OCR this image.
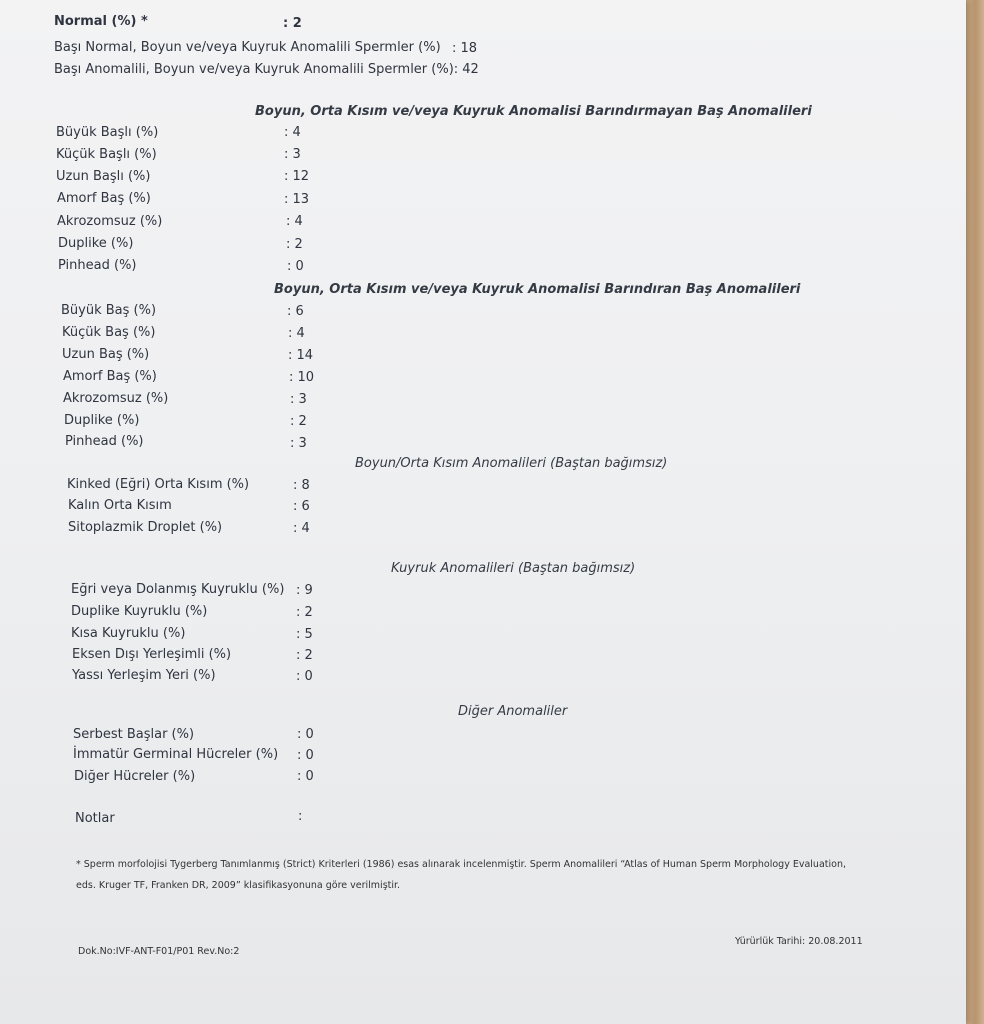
Normal (%) *	: 2
Başı Normal, Boyun ve/veya Kuyruk Anomalili Spermler (%) : 18
Başı Anomalili, Boyun ve/veya Kuyruk Anomalili Spermler (%): 42
Boyun, Orta Kısım ve/veya Kuyruk Anomalisi Barındırmayan Baş Anomalileri
Büyük Başlı (%)	: 4
Küçük Başlı (%)	: 3
Uzun Başlı (%)	: 12
Amorf Baş (%)	: 13
Akrozomsuz (%)	: 4
Duplike (%)	: 2
Pinhead (%)	: 0
Boyun, Orta Kısım ve/veya Kuyruk Anomalisi Barındıran Baş Anomalileri
Büyük Baş (%)	: 6
Küçük Baş (%)	: 4
Uzun Baş (%)	: 14
Amorf Baş (%)	: 10
Akrozomsuz (%)	: 3
Duplike (%)	: 2
Pinhead (%)	: 3
Boyun/Orta Kısım Anomalileri (Baştan bağımsız)
Kinked (Eğri) Orta Kısım (%)	: 8
Kalın Orta Kısım	: 6
Sitoplazmik Droplet (%)	: 4
Kuyruk Anomalileri (Baştan bağımsız)
Eğri veya Dolanmış Kuyruklu (%) : 9
Duplike Kuyruklu (%)	: 2
Kısa Kuyruklu (%)	: 5
Eksen Dışı Yerleşimli (%)	: 2
Yassı Yerleşim Yeri (%)	: 0
Diğer Anomaliler
Serbest Başlar (%)	: 0
İmmatür Germinal Hücreler (%) : 0
Diğer Hücreler (%)	: 0
Notlar	:
* Sperm morfolojisi Tygerberg Tanımlanmış (Strict) Kriterleri (1986) esas alınarak incelenmiştir. Sperm Anomalileri “Atlas of Human Sperm Morphology Evaluation,
eds. Kruger TF, Franken DR, 2009” klasifikasyonuna göre verilmiştir.
Dok.No:IVF-ANT-F01/P01 Rev.No:2
Yürürlük Tarihi: 20.08.2011
